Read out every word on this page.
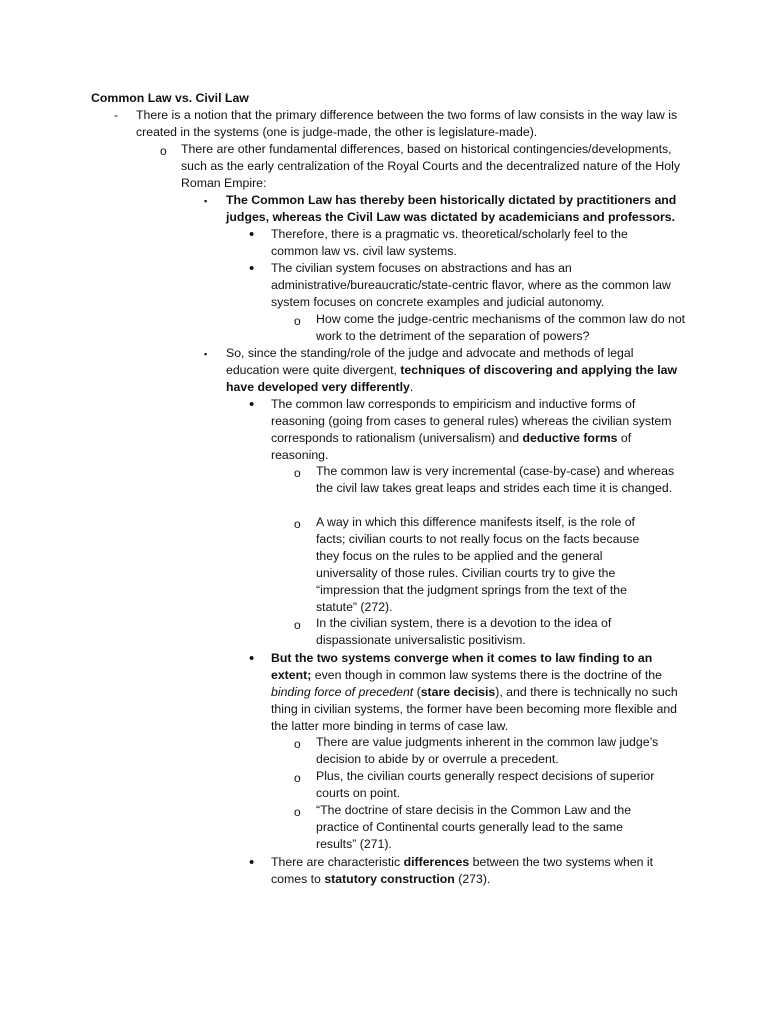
Common Law vs. Civil Law
- There is a notion that the primary difference between the two forms of law consists in the way law is created in the systems (one is judge-made, the other is legislature-made).
o There are other fundamental differences, based on historical contingencies/developments, such as the early centralization of the Royal Courts and the decentralized nature of the Holy Roman Empire:
▪ The Common Law has thereby been historically dictated by practitioners and judges, whereas the Civil Law was dictated by academicians and professors.
• Therefore, there is a pragmatic vs. theoretical/scholarly feel to the common law vs. civil law systems.
• The civilian system focuses on abstractions and has an administrative/bureaucratic/state-centric flavor, where as the common law system focuses on concrete examples and judicial autonomy.
o How come the judge-centric mechanisms of the common law do not work to the detriment of the separation of powers?
▪ So, since the standing/role of the judge and advocate and methods of legal education were quite divergent, techniques of discovering and applying the law have developed very differently.
• The common law corresponds to empiricism and inductive forms of reasoning (going from cases to general rules) whereas the civilian system corresponds to rationalism (universalism) and deductive forms of reasoning.
o The common law is very incremental (case-by-case) and whereas the civil law takes great leaps and strides each time it is changed.
o A way in which this difference manifests itself, is the role of facts; civilian courts to not really focus on the facts because they focus on the rules to be applied and the general universality of those rules. Civilian courts try to give the “impression that the judgment springs from the text of the statute” (272).
o In the civilian system, there is a devotion to the idea of dispassionate universalistic positivism.
• But the two systems converge when it comes to law finding to an extent; even though in common law systems there is the doctrine of the binding force of precedent (stare decisis), and there is technically no such thing in civilian systems, the former have been becoming more flexible and the latter more binding in terms of case law.
o There are value judgments inherent in the common law judge’s decision to abide by or overrule a precedent.
o Plus, the civilian courts generally respect decisions of superior courts on point.
o “The doctrine of stare decisis in the Common Law and the practice of Continental courts generally lead to the same results” (271).
• There are characteristic differences between the two systems when it comes to statutory construction (273).
